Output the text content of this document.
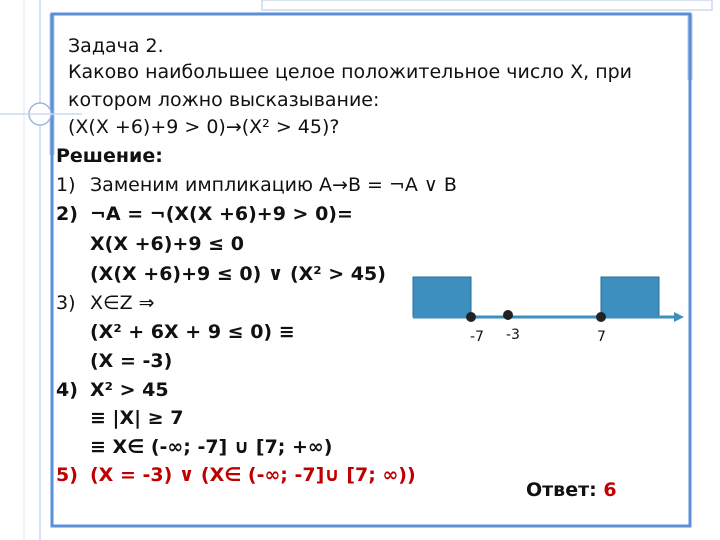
Задача 2.
Каково наибольшее целое положительное число X, при
котором ложно высказывание:
(X(X +6)+9 > 0)→(X² > 45)?
Решение:
1) Заменим импликацию A→B = ¬A ∨ B
2) ¬A = ¬(X(X +6)+9 > 0)=
X(X +6)+9 ≤ 0
(X(X +6)+9 ≤ 0) ∨ (X² > 45)
3) X∈Z ⇒
(X² + 6X + 9 ≤ 0) ≡
(X = -3)
4) X² > 45
≡ |X| ≥ 7
≡ X∈ (-∞; -7] ∪ [7; +∞)
5) (X = -3) ∨ (X∈ (-∞; -7]∪ [7; ∞))
-7 -3	7
Ответ: 6
